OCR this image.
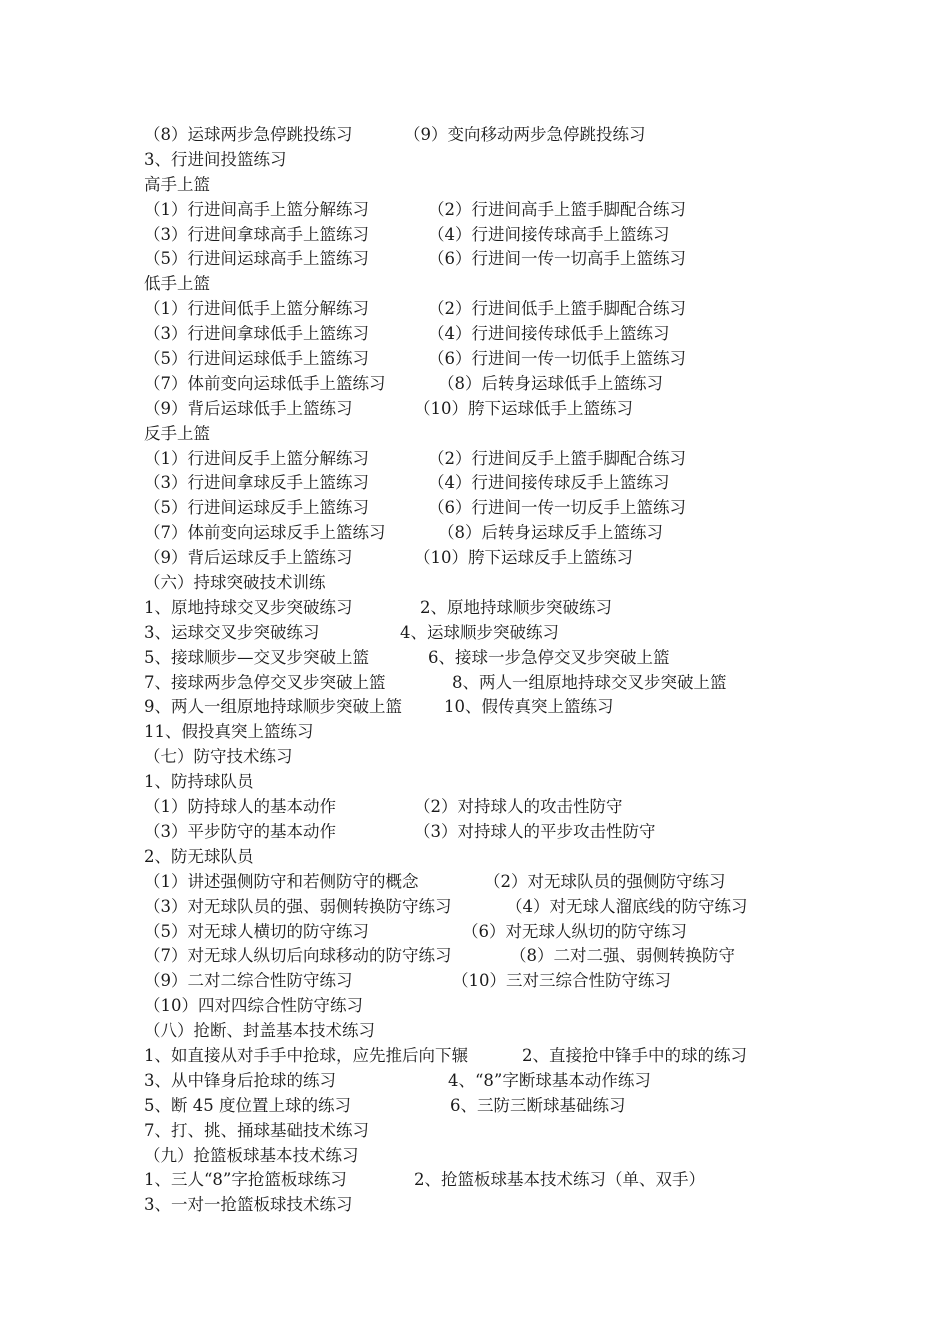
（8）运球两步急停跳投练习	（9）变向移动两步急停跳投练习
3、行进间投篮练习
高手上篮
（1）行进间高手上篮分解练习	（2）行进间高手上篮手脚配合练习
（3）行进间拿球高手上篮练习	（4）行进间接传球高手上篮练习
（5）行进间运球高手上篮练习	（6）行进间一传一切高手上篮练习
低手上篮
（1）行进间低手上篮分解练习	（2）行进间低手上篮手脚配合练习
（3）行进间拿球低手上篮练习	（4）行进间接传球低手上篮练习
（5）行进间运球低手上篮练习	（6）行进间一传一切低手上篮练习
（7）体前变向运球低手上篮练习	（8）后转身运球低手上篮练习
（9）背后运球低手上篮练习	（10）胯下运球低手上篮练习
反手上篮
（1）行进间反手上篮分解练习	（2）行进间反手上篮手脚配合练习
（3）行进间拿球反手上篮练习	（4）行进间接传球反手上篮练习
（5）行进间运球反手上篮练习	（6）行进间一传一切反手上篮练习
（7）体前变向运球反手上篮练习	（8）后转身运球反手上篮练习
（9）背后运球反手上篮练习	（10）胯下运球反手上篮练习
（六）持球突破技术训练
1、原地持球交叉步突破练习	2、原地持球顺步突破练习
3、运球交叉步突破练习	4、运球顺步突破练习
5、接球顺步—交叉步突破上篮	6、接球一步急停交叉步突破上篮
7、接球两步急停交叉步突破上篮	8、两人一组原地持球交叉步突破上篮
9、两人一组原地持球顺步突破上篮	10、假传真突上篮练习
11、假投真突上篮练习
（七）防守技术练习
1、防持球队员
（1）防持球人的基本动作	（2）对持球人的攻击性防守
（3）平步防守的基本动作	（3）对持球人的平步攻击性防守
2、防无球队员
（1）讲述强侧防守和若侧防守的概念	（2）对无球队员的强侧防守练习
（3）对无球队员的强、弱侧转换防守练习	（4）对无球人溜底线的防守练习
（5）对无球人横切的防守练习	（6）对无球人纵切的防守练习
（7）对无球人纵切后向球移动的防守练习	（8）二对二强、弱侧转换防守
（9）二对二综合性防守练习	（10）三对三综合性防守练习
（10）四对四综合性防守练习
（八）抢断、封盖基本技术练习
1、如直接从对手手中抢球，应先推后向下辗	2、直接抢中锋手中的球的练习
3、从中锋身后抢球的练习	4、“8”字断球基本动作练习
5、断 45 度位置上球的练习	6、三防三断球基础练习
7、打、挑、捅球基础技术练习
（九）抢篮板球基本技术练习
1、三人“8”字抢篮板球练习	2、抢篮板球基本技术练习（单、双手）
3、一对一抢篮板球技术练习
